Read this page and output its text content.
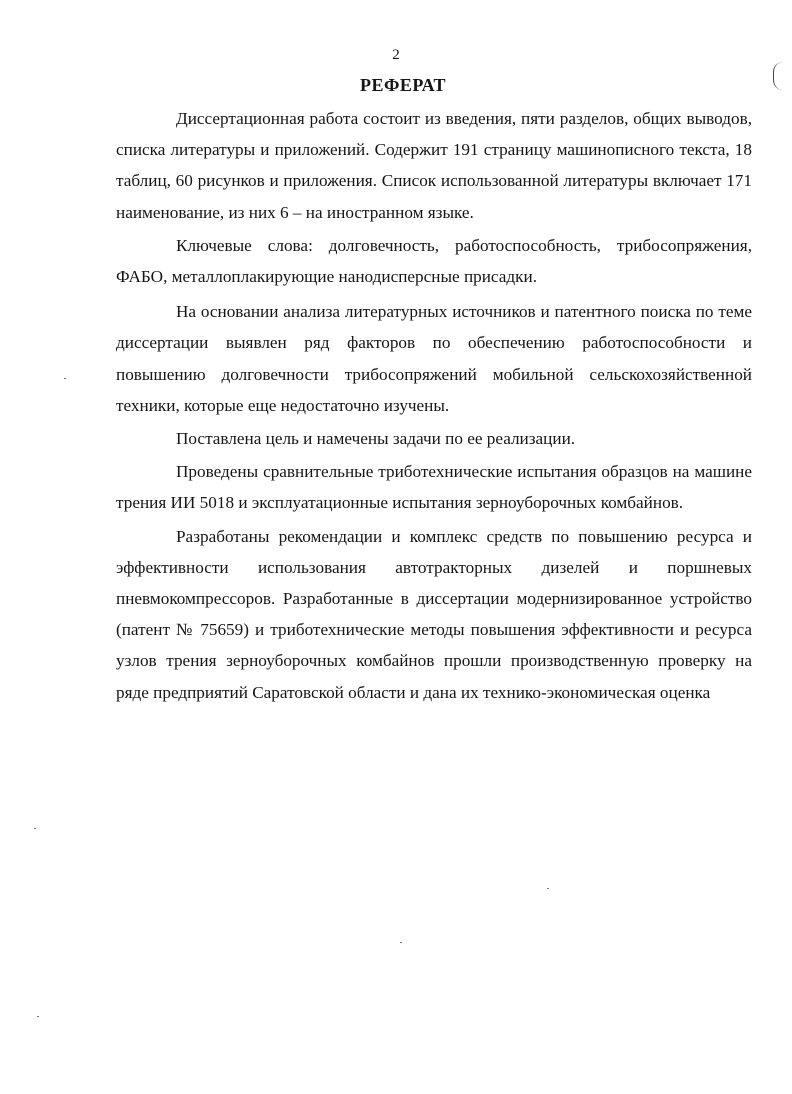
2
РЕФЕРАТ

Диссертационная работа состоит из введения, пяти разделов, общих выводов, списка литературы и приложений. Содержит 191 страницу машинописного текста, 18 таблиц, 60 рисунков и приложения. Список использованной литературы включает 171 наименование, из них 6 – на иностранном языке.

Ключевые слова: долговечность, работоспособность, трибосопряжения, ФАБО, металлоплакирующие нанодисперсные присадки.

На основании анализа литературных источников и патентного поиска по теме диссертации выявлен ряд факторов по обеспечению работоспособности и повышению долговечности трибосопряжений мобильной сельскохозяйственной техники, которые еще недостаточно изучены.

Поставлена цель и намечены задачи по ее реализации.

Проведены сравнительные триботехнические испытания образцов на машине трения ИИ 5018 и эксплуатационные испытания зерноуборочных комбайнов.

Разработаны рекомендации и комплекс средств по повышению ресурса и эффективности использования автотракторных дизелей и поршневых пневмокомпрессоров. Разработанные в диссертации модернизированное устройство (патент № 75659) и триботехнические методы повышения эффективности и ресурса узлов трения зерноуборочных комбайнов прошли производственную проверку на ряде предприятий Саратовской области и дана их технико-экономическая оценка
